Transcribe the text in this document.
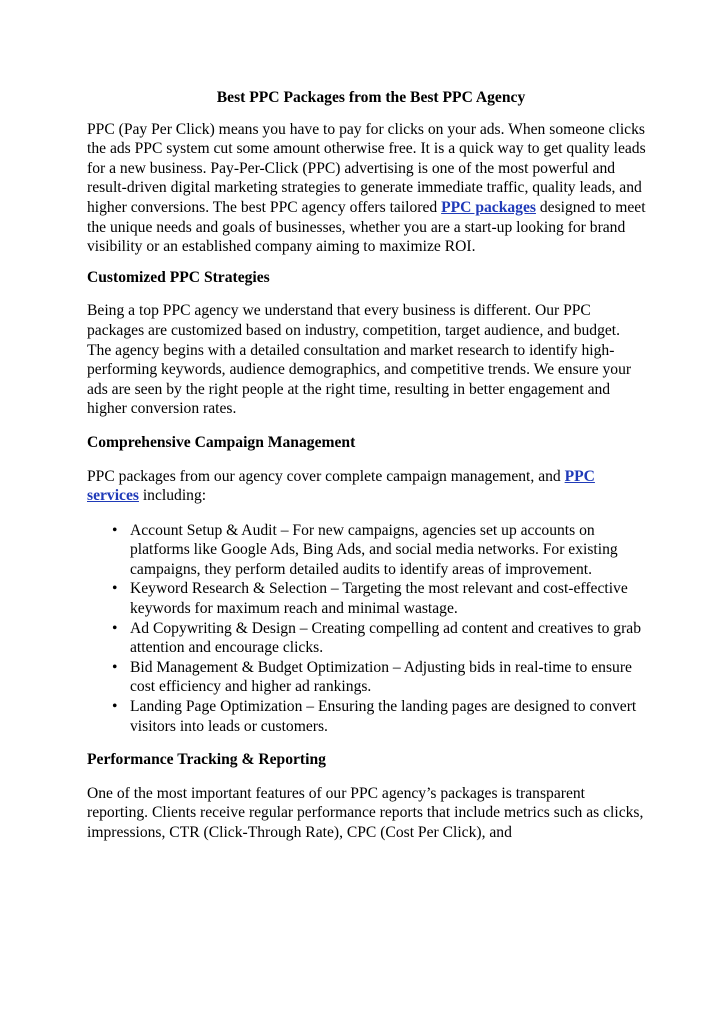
Best PPC Packages from the Best PPC Agency

PPC (Pay Per Click) means you have to pay for clicks on your ads. When someone clicks the ads PPC system cut some amount otherwise free. It is a quick way to get quality leads for a new business. Pay-Per-Click (PPC) advertising is one of the most powerful and result-driven digital marketing strategies to generate immediate traffic, quality leads, and higher conversions. The best PPC agency offers tailored PPC packages designed to meet the unique needs and goals of businesses, whether you are a start-up looking for brand visibility or an established company aiming to maximize ROI.

Customized PPC Strategies

Being a top PPC agency we understand that every business is different. Our PPC packages are customized based on industry, competition, target audience, and budget. The agency begins with a detailed consultation and market research to identify high-performing keywords, audience demographics, and competitive trends. We ensure your ads are seen by the right people at the right time, resulting in better engagement and higher conversion rates.

Comprehensive Campaign Management

PPC packages from our agency cover complete campaign management, and PPC services including:

• Account Setup & Audit – For new campaigns, agencies set up accounts on platforms like Google Ads, Bing Ads, and social media networks. For existing campaigns, they perform detailed audits to identify areas of improvement.
• Keyword Research & Selection – Targeting the most relevant and cost-effective keywords for maximum reach and minimal wastage.
• Ad Copywriting & Design – Creating compelling ad content and creatives to grab attention and encourage clicks.
• Bid Management & Budget Optimization – Adjusting bids in real-time to ensure cost efficiency and higher ad rankings.
• Landing Page Optimization – Ensuring the landing pages are designed to convert visitors into leads or customers.

Performance Tracking & Reporting

One of the most important features of our PPC agency’s packages is transparent reporting. Clients receive regular performance reports that include metrics such as clicks, impressions, CTR (Click-Through Rate), CPC (Cost Per Click), and
